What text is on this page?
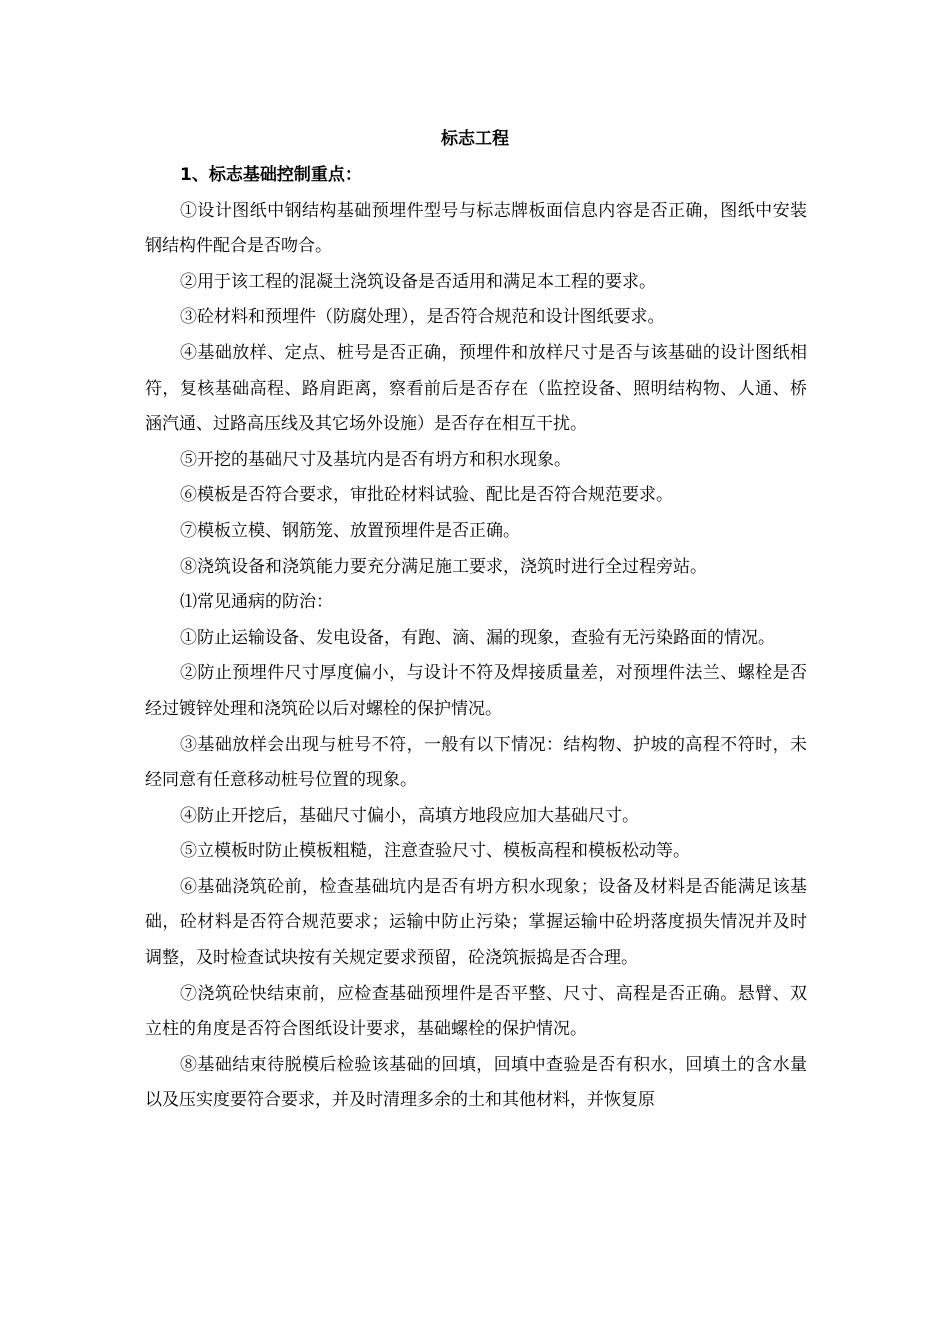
标志工程

1、标志基础控制重点：

①设计图纸中钢结构基础预埋件型号与标志牌板面信息内容是否正确，图纸中安装钢结构件配合是否吻合。

②用于该工程的混凝土浇筑设备是否适用和满足本工程的要求。

③砼材料和预埋件（防腐处理），是否符合规范和设计图纸要求。

④基础放样、定点、桩号是否正确，预埋件和放样尺寸是否与该基础的设计图纸相符，复核基础高程、路肩距离，察看前后是否存在（监控设备、照明结构物、人通、桥涵汽通、过路高压线及其它场外设施）是否存在相互干扰。

⑤开挖的基础尺寸及基坑内是否有坍方和积水现象。

⑥模板是否符合要求，审批砼材料试验、配比是否符合规范要求。

⑦模板立模、钢筋笼、放置预埋件是否正确。

⑧浇筑设备和浇筑能力要充分满足施工要求，浇筑时进行全过程旁站。

⑴常见通病的防治：

①防止运输设备、发电设备，有跑、滴、漏的现象，查验有无污染路面的情况。

②防止预埋件尺寸厚度偏小，与设计不符及焊接质量差，对预埋件法兰、螺栓是否经过镀锌处理和浇筑砼以后对螺栓的保护情况。

③基础放样会出现与桩号不符，一般有以下情况：结构物、护坡的高程不符时，未经同意有任意移动桩号位置的现象。

④防止开挖后，基础尺寸偏小，高填方地段应加大基础尺寸。

⑤立模板时防止模板粗糙，注意查验尺寸、模板高程和模板松动等。

⑥基础浇筑砼前，检查基础坑内是否有坍方积水现象；设备及材料是否能满足该基础，砼材料是否符合规范要求；运输中防止污染；掌握运输中砼坍落度损失情况并及时调整，及时检查试块按有关规定要求预留，砼浇筑振捣是否合理。

⑦浇筑砼快结束前，应检查基础预埋件是否平整、尺寸、高程是否正确。悬臂、双立柱的角度是否符合图纸设计要求，基础螺栓的保护情况。

⑧基础结束待脱模后检验该基础的回填，回填中查验是否有积水，回填土的含水量以及压实度要符合要求，并及时清理多余的土和其他材料，并恢复原
